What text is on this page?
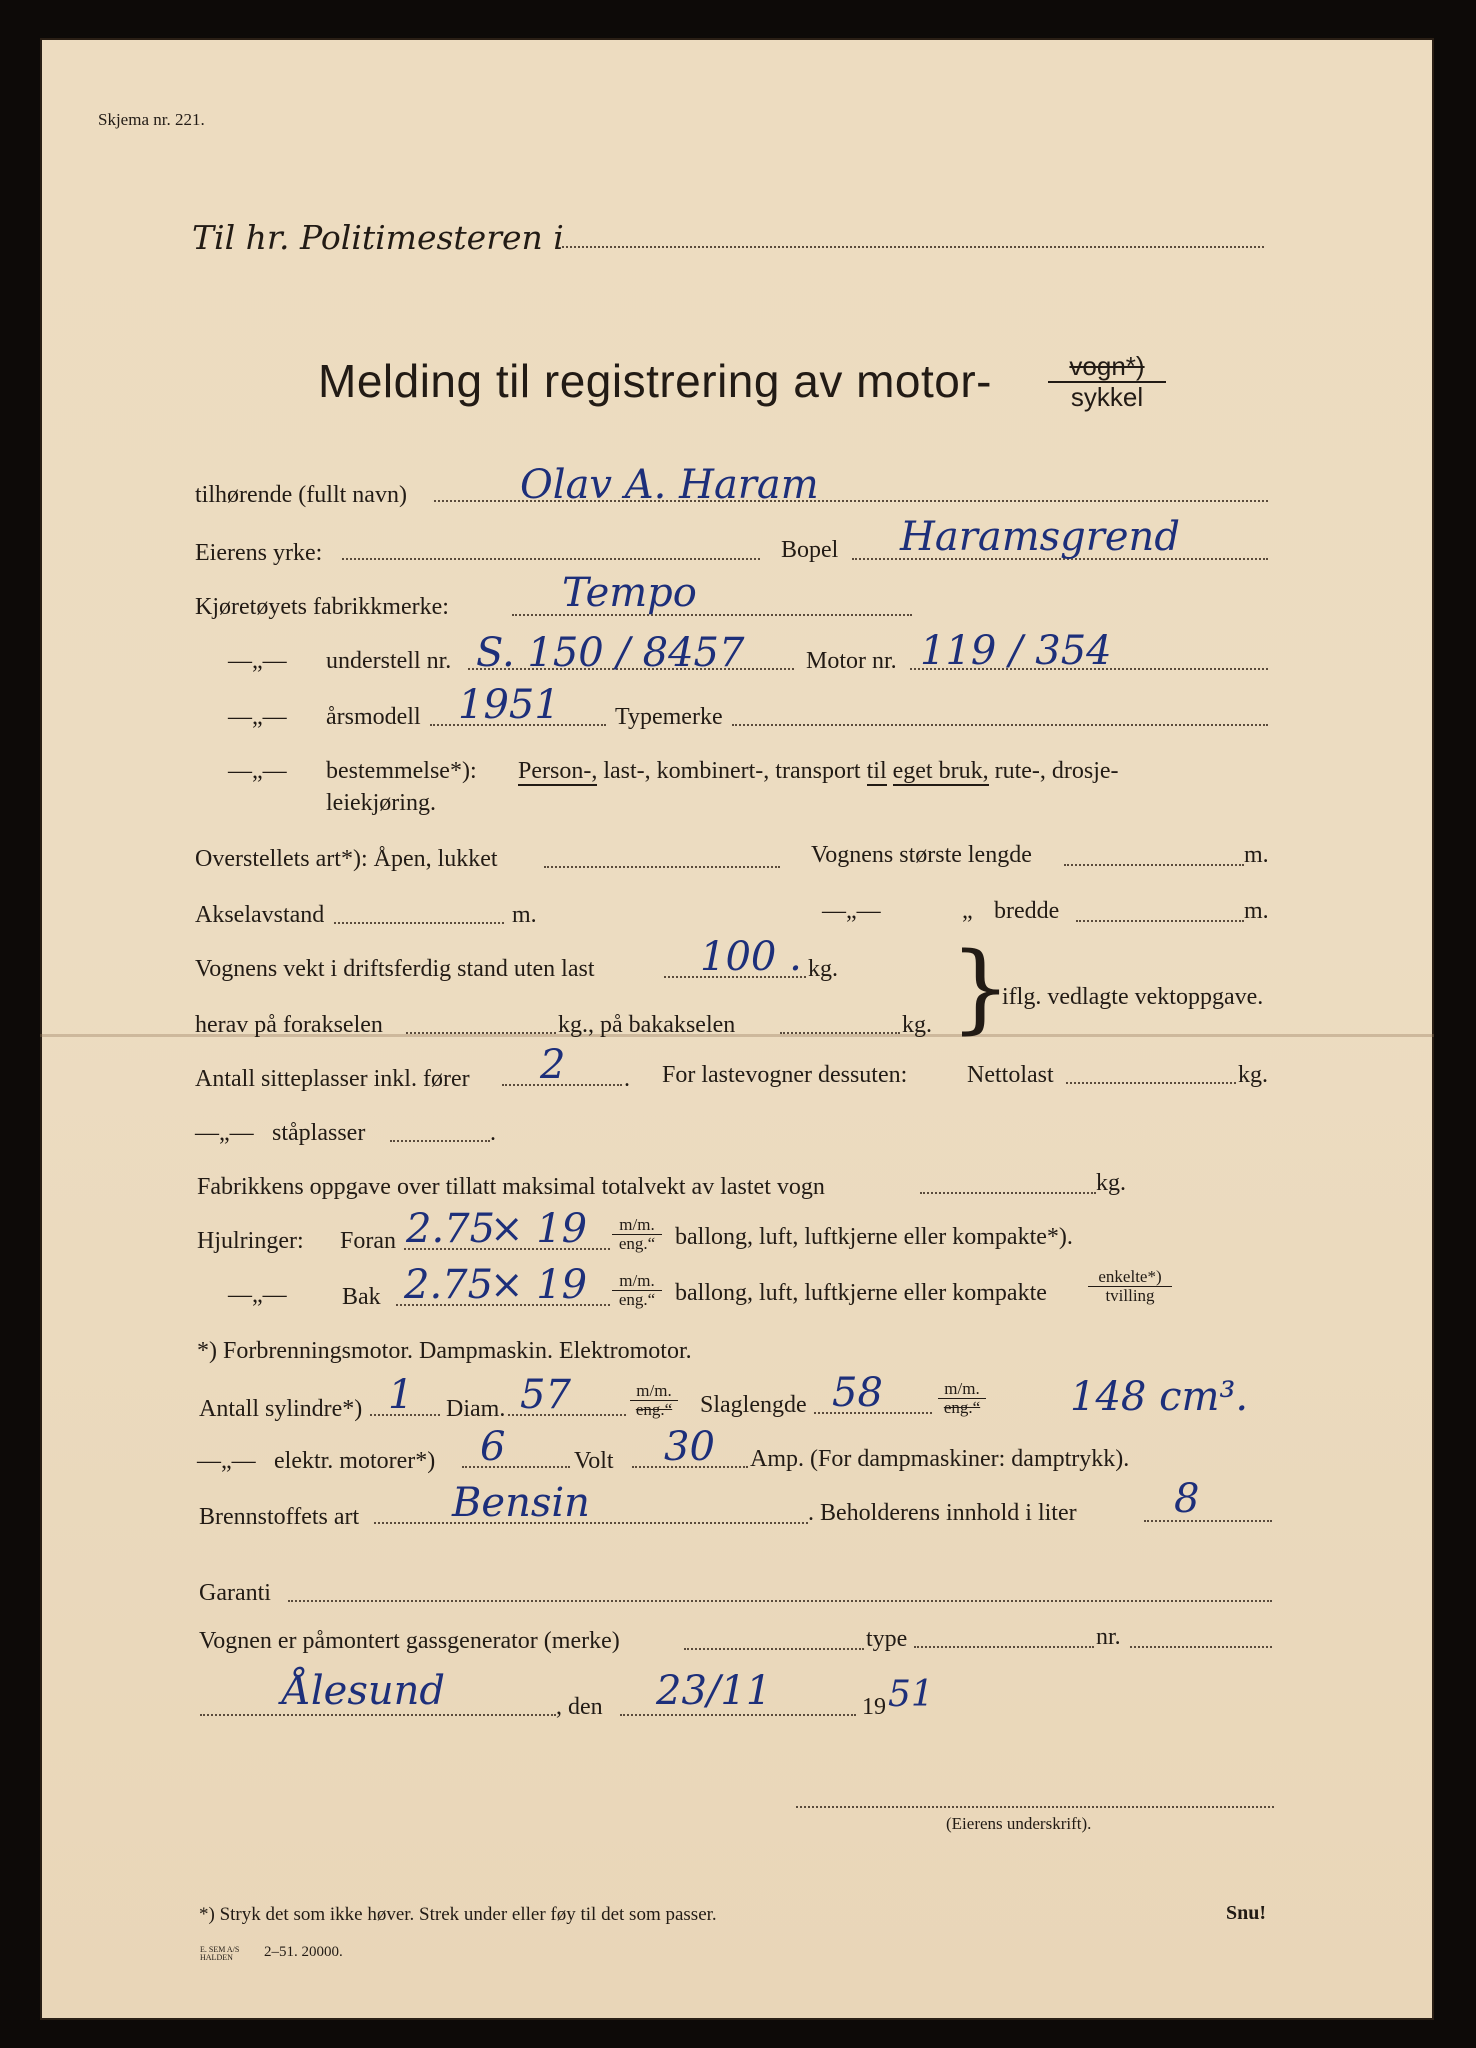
Skjema nr. 221.
Til hr. Politimesteren i
Melding til registrering av motor-	vogn*)
sykkel
tilhørende (fullt navn)	Olav A. Haram
Eierens yrke:	Bopel Haramsgrend
Kjøretøyets fabrikkmerke:	Tempo
—„— understell nr. S. 150 / 8457	Motor nr. 119 / 354
—„— årsmodell 1951 Typemerke
—„— bestemmelse*): Person-, last-, kombinert-, transport til eget bruk, rute-, drosje-
leiekjøring.
Overstellets art*): Åpen, lukket	Vognens største lengde	m.
Akselavstand	m.	—„—	„ bredde	m.
Vognens vekt i driftsferdig stand uten last	100 . kg.
herav på forakselen	kg., på bakakselen	kg. }
iflg. vedlagte vektoppgave.
Antall sitteplasser inkl. fører 2 . For lastevogner dessuten: Nettolast	kg.
—„— ståplasser	.
Fabrikkens oppgave over tillatt maksimal totalvekt av lastet vogn	kg.
Hjulringer: Foran 2.75
× 19	m/m.
eng.“ ballong, luft, luftkjerne eller kompakte*).
—„— Bak 2.75
× 19	m/m.
eng.“ ballong, luft, luftkjerne eller kompakte
enkelte*)
tvilling
*) Forbrenningsmotor. Dampmaskin. Elektromotor.
Antall sylindre*) 1 Diam. 57	m/m.
eng.“ Slaglengde 58	m/m.
eng.“ 148 cm³.
—„— elektr. motorer*) 6	Volt 30 Amp. (For dampmaskiner: damptrykk).
Brennstoffets art Bensin	. Beholderens innhold i liter 8
Garanti
Vognen er påmontert gassgenerator (merke)	type	nr.
Ålesund	, den 23/11	19 51
(Eierens underskrift).
*) Stryk det som ikke høver. Strek under eller føy til det som passer.	Snu!
E. SEM A/S HALDEN	2–51. 20000.
